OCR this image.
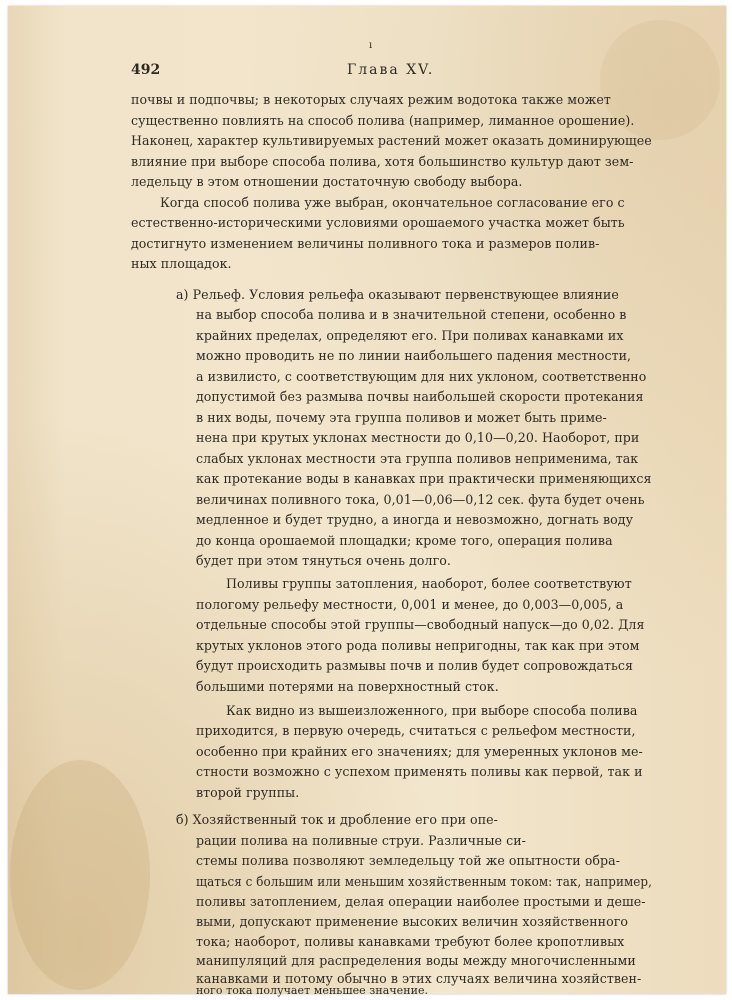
ı
492	Глава XV.
почвы и подпочвы; в некоторых случаях режим водотока также может
существенно повлиять на способ полива (например, лиманное орошение).
Наконец, характер культивируемых растений может оказать доминирующее
влияние при выборе способа полива, хотя большинство культур дают зем-
ледельцу в этом отношении достаточную свободу выбора.
Когда способ полива уже выбран, окончательное согласование его с
естественно-историческими условиями орошаемого участка может быть
достигнуто изменением величины поливного тока и размеров полив-
ных площадок.
а) Рельеф. Условия рельефа оказывают первенствующее влияние
на выбор способа полива и в значительной степени, особенно в
крайних пределах, определяют его. При поливах канавками их
можно проводить не по линии наибольшего падения местности,
а извилисто, с соответствующим для них уклоном, соответственно
допустимой без размыва почвы наибольшей скорости протекания
в них воды, почему эта группа поливов и может быть приме-
нена при крутых уклонах местности до 0,10—0,20. Наоборот, при
слабых уклонах местности эта группа поливов неприменима, так
как протекание воды в канавках при практически применяющихся
величинах поливного тока, 0,01—0,06—0,12 сек. фута будет очень
медленное и будет трудно, а иногда и невозможно, догнать воду
до конца орошаемой площадки; кроме того, операция полива
будет при этом тянуться очень долго.
Поливы группы затопления, наоборот, более соответствуют
пологому рельефу местности, 0,001 и менее, до 0,003—0,005, а
отдельные способы этой группы—свободный напуск—до 0,02. Для
крутых уклонов этого рода поливы непригодны, так как при этом
будут происходить размывы почв и полив будет сопровождаться
большими потерями на поверхностный сток.
Как видно из вышеизложенного, при выборе способа полива
приходится, в первую очередь, считаться с рельефом местности,
особенно при крайних его значениях; для умеренных уклонов ме-
стности возможно с успехом применять поливы как первой, так и
второй группы.
б) Хозяйственный ток и дробление его при опе-
рации полива на поливные струи. Различные си-
стемы полива позволяют земледельцу той же опытности обра-
щаться с большим или меньшим хозяйственным током: так, например,
поливы затоплением, делая операции наиболее простыми и деше-
выми, допускают применение высоких величин хозяйственного
тока; наоборот, поливы канавками требуют более кропотливых
манипуляций для распределения воды между многочисленными
канавками и потому обычно в этих случаях величина хозяйствен-
ного тока получает меньшее значение.
